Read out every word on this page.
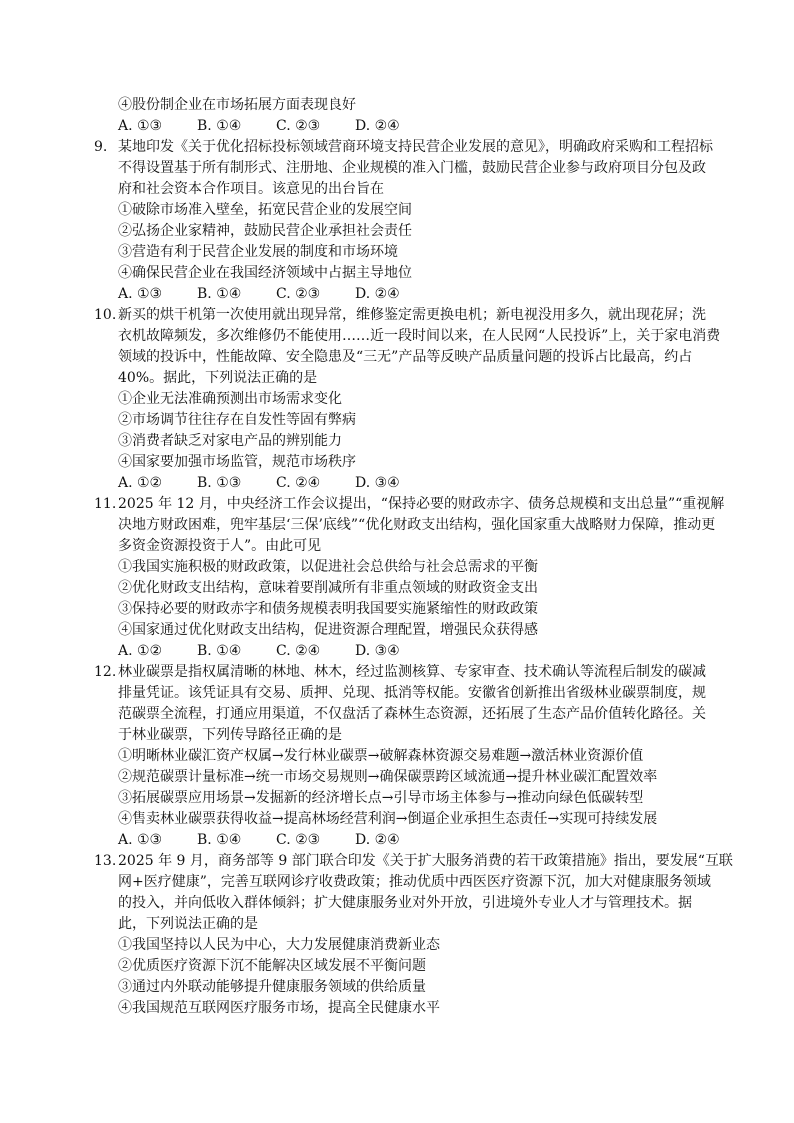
④股份制企业在市场拓展方面表现良好
A. ①③	B. ①④	C. ②③	D. ②④
9. 某地印发《关于优化招标投标领域营商环境支持民营企业发展的意见》，明确政府采购和工程招标
不得设置基于所有制形式、注册地、企业规模的准入门槛，鼓励民营企业参与政府项目分包及政
府和社会资本合作项目。该意见的出台旨在
①破除市场准入壁垒，拓宽民营企业的发展空间
②弘扬企业家精神，鼓励民营企业承担社会责任
③营造有利于民营企业发展的制度和市场环境
④确保民营企业在我国经济领域中占据主导地位
A. ①③	B. ①④	C. ②③	D. ②④
10. 新买的烘干机第一次使用就出现异常，维修鉴定需更换电机；新电视没用多久，就出现花屏；洗
衣机故障频发，多次维修仍不能使用……近一段时间以来，在人民网“人民投诉”上，关于家电消费
领域的投诉中，性能故障、安全隐患及“三无”产品等反映产品质量问题的投诉占比最高，约占
40%。据此，下列说法正确的是
①企业无法准确预测出市场需求变化
②市场调节往往存在自发性等固有弊病
③消费者缺乏对家电产品的辨别能力
④国家要加强市场监管，规范市场秩序
A. ①②	B. ①③	C. ②④	D. ③④
11. 2025 年 12 月，中央经济工作会议提出，“保持必要的财政赤字、债务总规模和支出总量”“重视解
决地方财政困难，兜牢基层‘三保’底线”“优化财政支出结构，强化国家重大战略财力保障，推动更
多资金资源投资于人”。由此可见
①我国实施积极的财政政策，以促进社会总供给与社会总需求的平衡
②优化财政支出结构，意味着要削减所有非重点领域的财政资金支出
③保持必要的财政赤字和债务规模表明我国要实施紧缩性的财政政策
④国家通过优化财政支出结构，促进资源合理配置，增强民众获得感
A. ①②	B. ①④	C. ②④	D. ③④
12. 林业碳票是指权属清晰的林地、林木，经过监测核算、专家审查、技术确认等流程后制发的碳减
排量凭证。该凭证具有交易、质押、兑现、抵消等权能。安徽省创新推出省级林业碳票制度，规
范碳票全流程，打通应用渠道，不仅盘活了森林生态资源，还拓展了生态产品价值转化路径。关
于林业碳票，下列传导路径正确的是
①明晰林业碳汇资产权属→发行林业碳票→破解森林资源交易难题→激活林业资源价值
②规范碳票计量标准→统一市场交易规则→确保碳票跨区域流通→提升林业碳汇配置效率
③拓展碳票应用场景→发掘新的经济增长点→引导市场主体参与→推动向绿色低碳转型
④售卖林业碳票获得收益→提高林场经营利润→倒逼企业承担生态责任→实现可持续发展
A. ①③	B. ①④	C. ②③	D. ②④
13. 2025 年 9 月，商务部等 9 部门联合印发《关于扩大服务消费的若干政策措施》指出，要发展“互联
网+医疗健康”，完善互联网诊疗收费政策；推动优质中西医医疗资源下沉，加大对健康服务领域
的投入，并向低收入群体倾斜；扩大健康服务业对外开放，引进境外专业人才与管理技术。据
此，下列说法正确的是
①我国坚持以人民为中心，大力发展健康消费新业态
②优质医疗资源下沉不能解决区域发展不平衡问题
③通过内外联动能够提升健康服务领域的供给质量
④我国规范互联网医疗服务市场，提高全民健康水平
